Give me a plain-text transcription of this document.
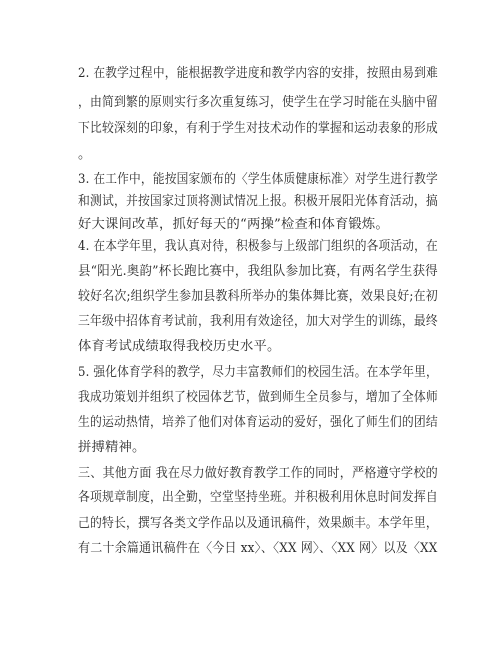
2. 在教学过程中，能根据教学进度和教学内容的安排，按照由易到难
，由简到繁的原则实行多次重复练习，使学生在学习时能在头脑中留
下比较深刻的印象，有利于学生对技术动作的掌握和运动表象的形成
。
3. 在工作中，能按国家颁布的〈学生体质健康标准〉对学生进行教学
和测试，并按国家过顶将测试情况上报。积极开展阳光体育活动，搞
好大课间改革，抓好每天的“两操”检查和体育锻炼。
4. 在本学年里，我认真对待，积极参与上级部门组织的各项活动，在
县“阳光.奥韵”杯长跑比赛中，我组队参加比赛，有两名学生获得
较好名次;组织学生参加县教科所举办的集体舞比赛，效果良好;在初
三年级中招体育考试前，我利用有效途径，加大对学生的训练，最终
体育考试成绩取得我校历史水平。
5. 强化体育学科的教学，尽力丰富教师们的校园生活。在本学年里，
我成功策划并组织了校园体艺节，做到师生全员参与，增加了全体师
生的运动热情，培养了他们对体育运动的爱好，强化了师生们的团结
拼搏精神。
三、其他方面 我在尽力做好教育教学工作的同时，严格遵守学校的
各项规章制度，出全勤，空堂坚持坐班。并积极利用休息时间发挥自
己的特长，撰写各类文学作品以及通讯稿件，效果颇丰。本学年里，
有二十余篇通讯稿件在〈今日 xx〉、〈XX 网〉、〈XX 网〉以及〈XX
